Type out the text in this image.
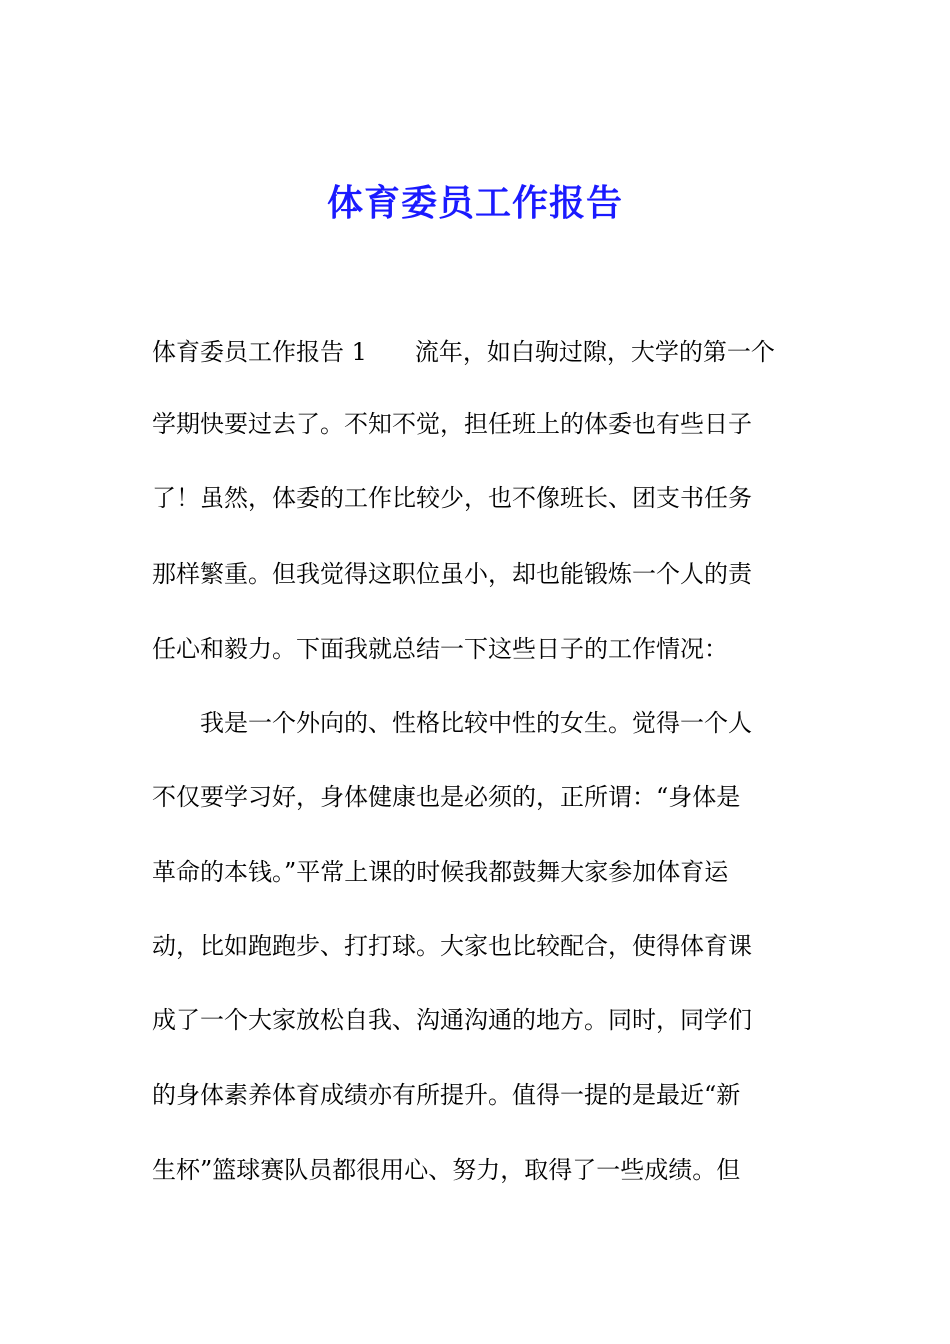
体育委员工作报告
体育委员工作报告 1　　流年，如白驹过隙，大学的第一个
学期快要过去了。不知不觉，担任班上的体委也有些日子
了！虽然，体委的工作比较少，也不像班长、团支书任务
那样繁重。但我觉得这职位虽小，却也能锻炼一个人的责
任心和毅力。下面我就总结一下这些日子的工作情况：
　　我是一个外向的、性格比较中性的女生。觉得一个人
不仅要学习好，身体健康也是必须的，正所谓：“身体是
革命的本钱。”平常上课的时候我都鼓舞大家参加体育运
动，比如跑跑步、打打球。大家也比较配合，使得体育课
成了一个大家放松自我、沟通沟通的地方。同时，同学们
的身体素养体育成绩亦有所提升。值得一提的是最近“新
生杯”篮球赛队员都很用心、努力，取得了一些成绩。但
